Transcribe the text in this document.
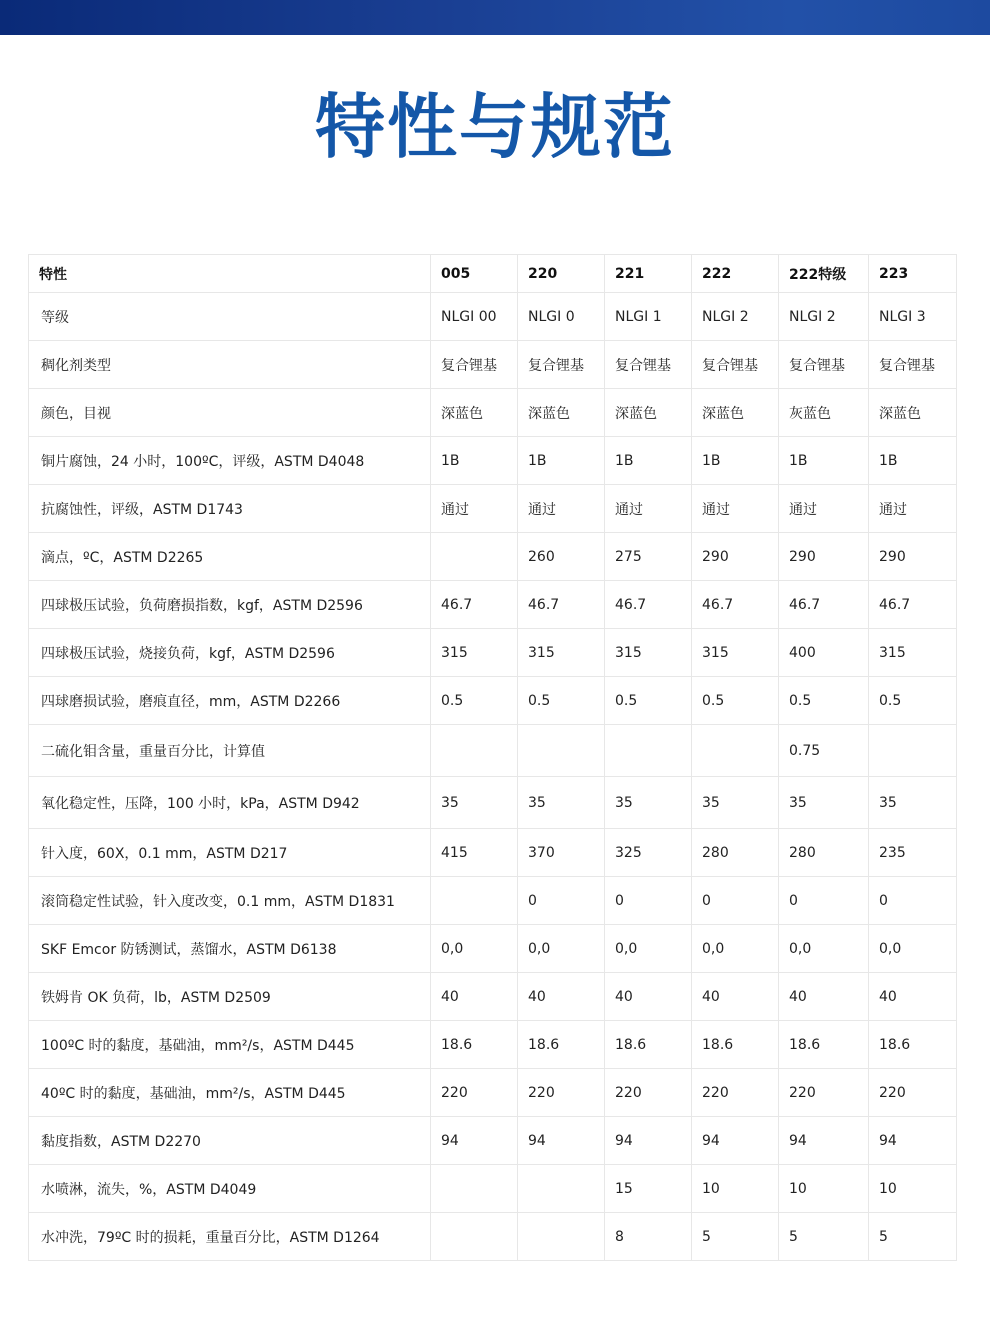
特性与规范
特性	005	220	221	222	222特级	223
等级	NLGI 00	NLGI 0	NLGI 1	NLGI 2	NLGI 2	NLGI 3
稠化剂类型	复合锂基	复合锂基	复合锂基	复合锂基	复合锂基	复合锂基
颜色，目视	深蓝色	深蓝色	深蓝色	深蓝色	灰蓝色	深蓝色
铜片腐蚀，24 小时，100ºC，评级，ASTM D4048	1B	1B	1B	1B	1B	1B
抗腐蚀性，评级，ASTM D1743	通过	通过	通过	通过	通过	通过
滴点，ºC，ASTM D2265		260	275	290	290	290
四球极压试验，负荷磨损指数，kgf，ASTM D2596	46.7	46.7	46.7	46.7	46.7	46.7
四球极压试验，烧接负荷，kgf，ASTM D2596	315	315	315	315	400	315
四球磨损试验，磨痕直径，mm，ASTM D2266	0.5	0.5	0.5	0.5	0.5	0.5
二硫化钼含量，重量百分比，计算值					0.75	
氧化稳定性，压降，100 小时，kPa，ASTM D942	35	35	35	35	35	35
针入度，60X，0.1 mm，ASTM D217	415	370	325	280	280	235
滚筒稳定性试验，针入度改变，0.1 mm，ASTM D1831		0	0	0	0	0
SKF Emcor 防锈测试，蒸馏水，ASTM D6138	0,0	0,0	0,0	0,0	0,0	0,0
铁姆肯 OK 负荷，lb，ASTM D2509	40	40	40	40	40	40
100ºC 时的黏度，基础油，mm²/s，ASTM D445	18.6	18.6	18.6	18.6	18.6	18.6
40ºC 时的黏度，基础油，mm²/s，ASTM D445	220	220	220	220	220	220
黏度指数，ASTM D2270	94	94	94	94	94	94
水喷淋，流失，%，ASTM D4049			15	10	10	10
水冲洗，79ºC 时的损耗，重量百分比，ASTM D1264			8	5	5	5
